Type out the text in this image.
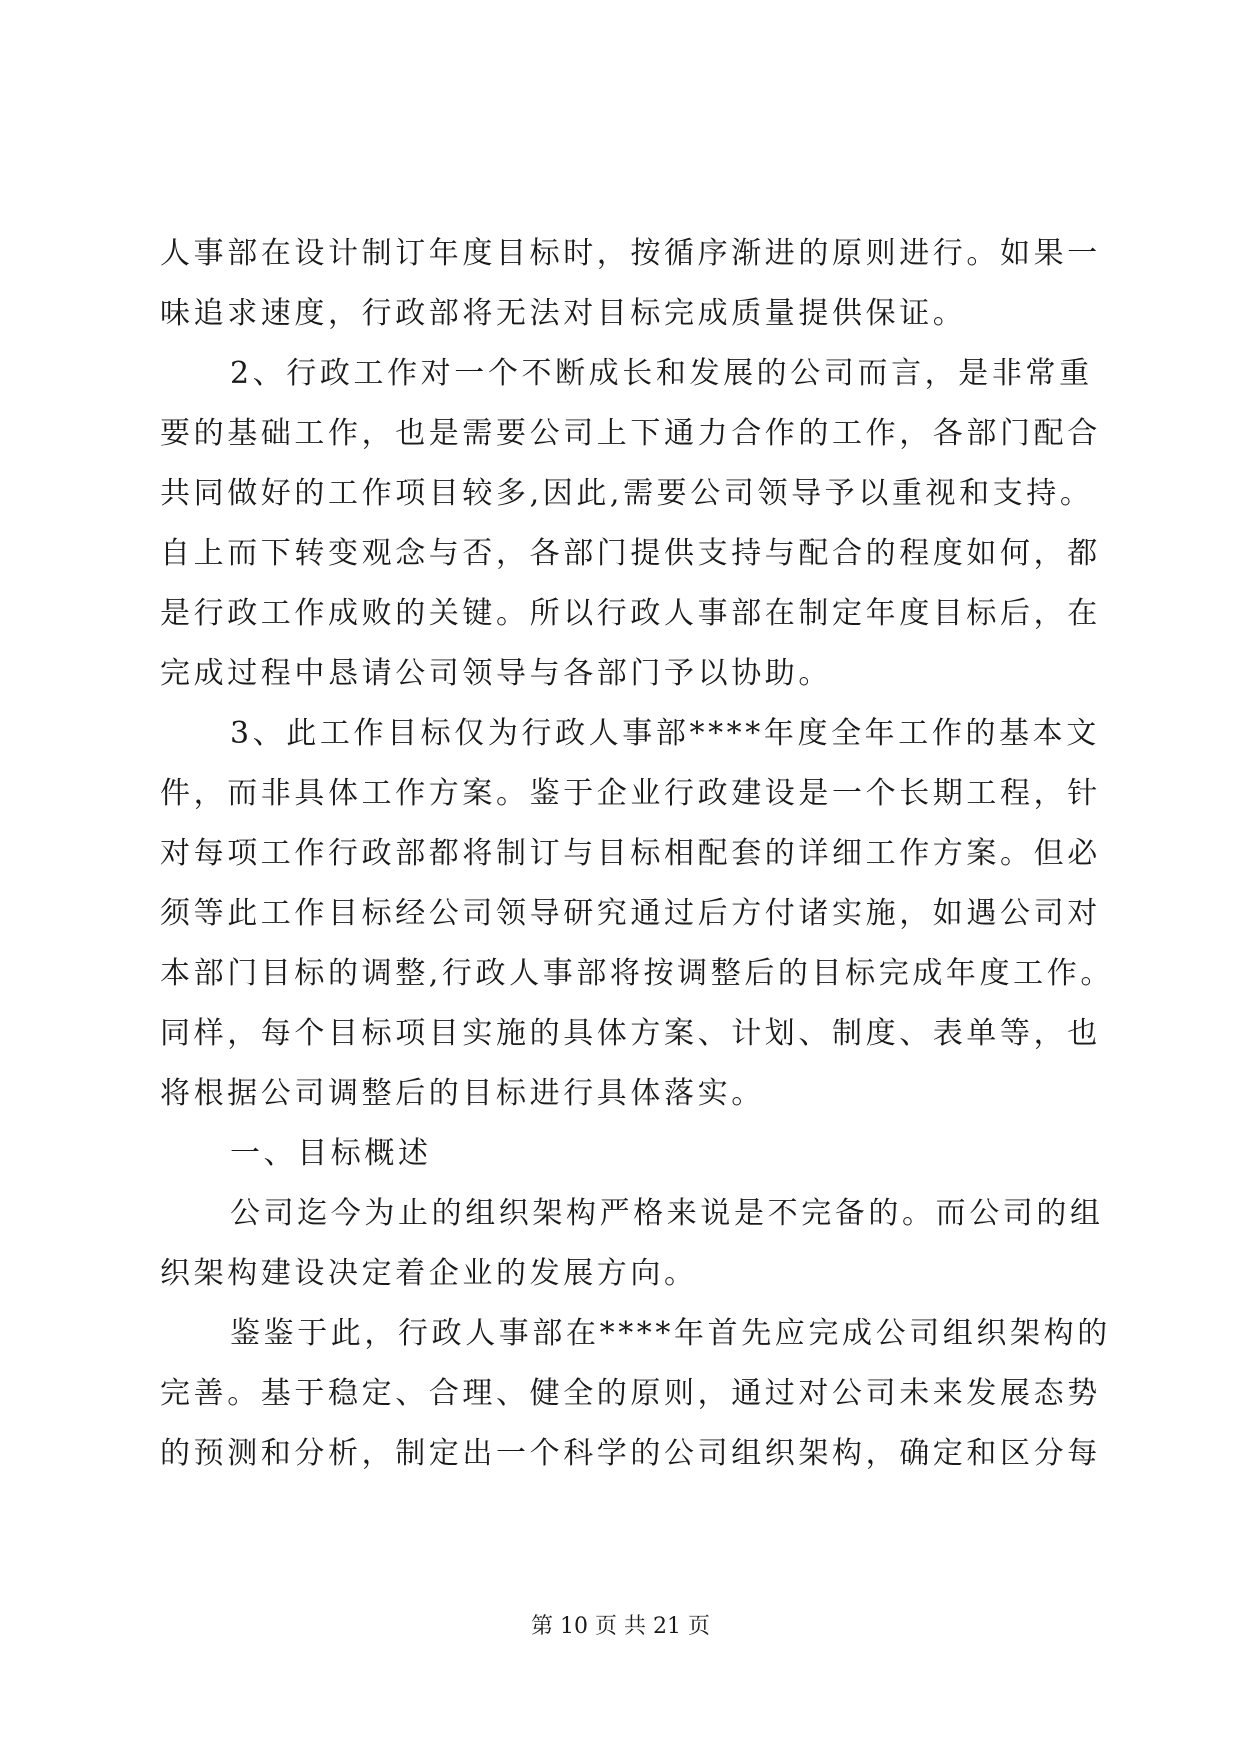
人事部在设计制订年度目标时，按循序渐进的原则进行。如果一
味追求速度，行政部将无法对目标完成质量提供保证。
2、行政工作对一个不断成长和发展的公司而言，是非常重
要的基础工作，也是需要公司上下通力合作的工作，各部门配合
共同做好的工作项目较多,因此,需要公司领导予以重视和支持。
自上而下转变观念与否，各部门提供支持与配合的程度如何，都
是行政工作成败的关键。所以行政人事部在制定年度目标后，在
完成过程中恳请公司领导与各部门予以协助。
3、此工作目标仅为行政人事部****年度全年工作的基本文
件，而非具体工作方案。鉴于企业行政建设是一个长期工程，针
对每项工作行政部都将制订与目标相配套的详细工作方案。但必
须等此工作目标经公司领导研究通过后方付诸实施，如遇公司对
本部门目标的调整,行政人事部将按调整后的目标完成年度工作。
同样，每个目标项目实施的具体方案、计划、制度、表单等，也
将根据公司调整后的目标进行具体落实。
一、目标概述
公司迄今为止的组织架构严格来说是不完备的。而公司的组
织架构建设决定着企业的发展方向。
鉴鉴于此，行政人事部在****年首先应完成公司组织架构的
完善。基于稳定、合理、健全的原则，通过对公司未来发展态势
的预测和分析，制定出一个科学的公司组织架构，确定和区分每
第 10 页 共 21 页
